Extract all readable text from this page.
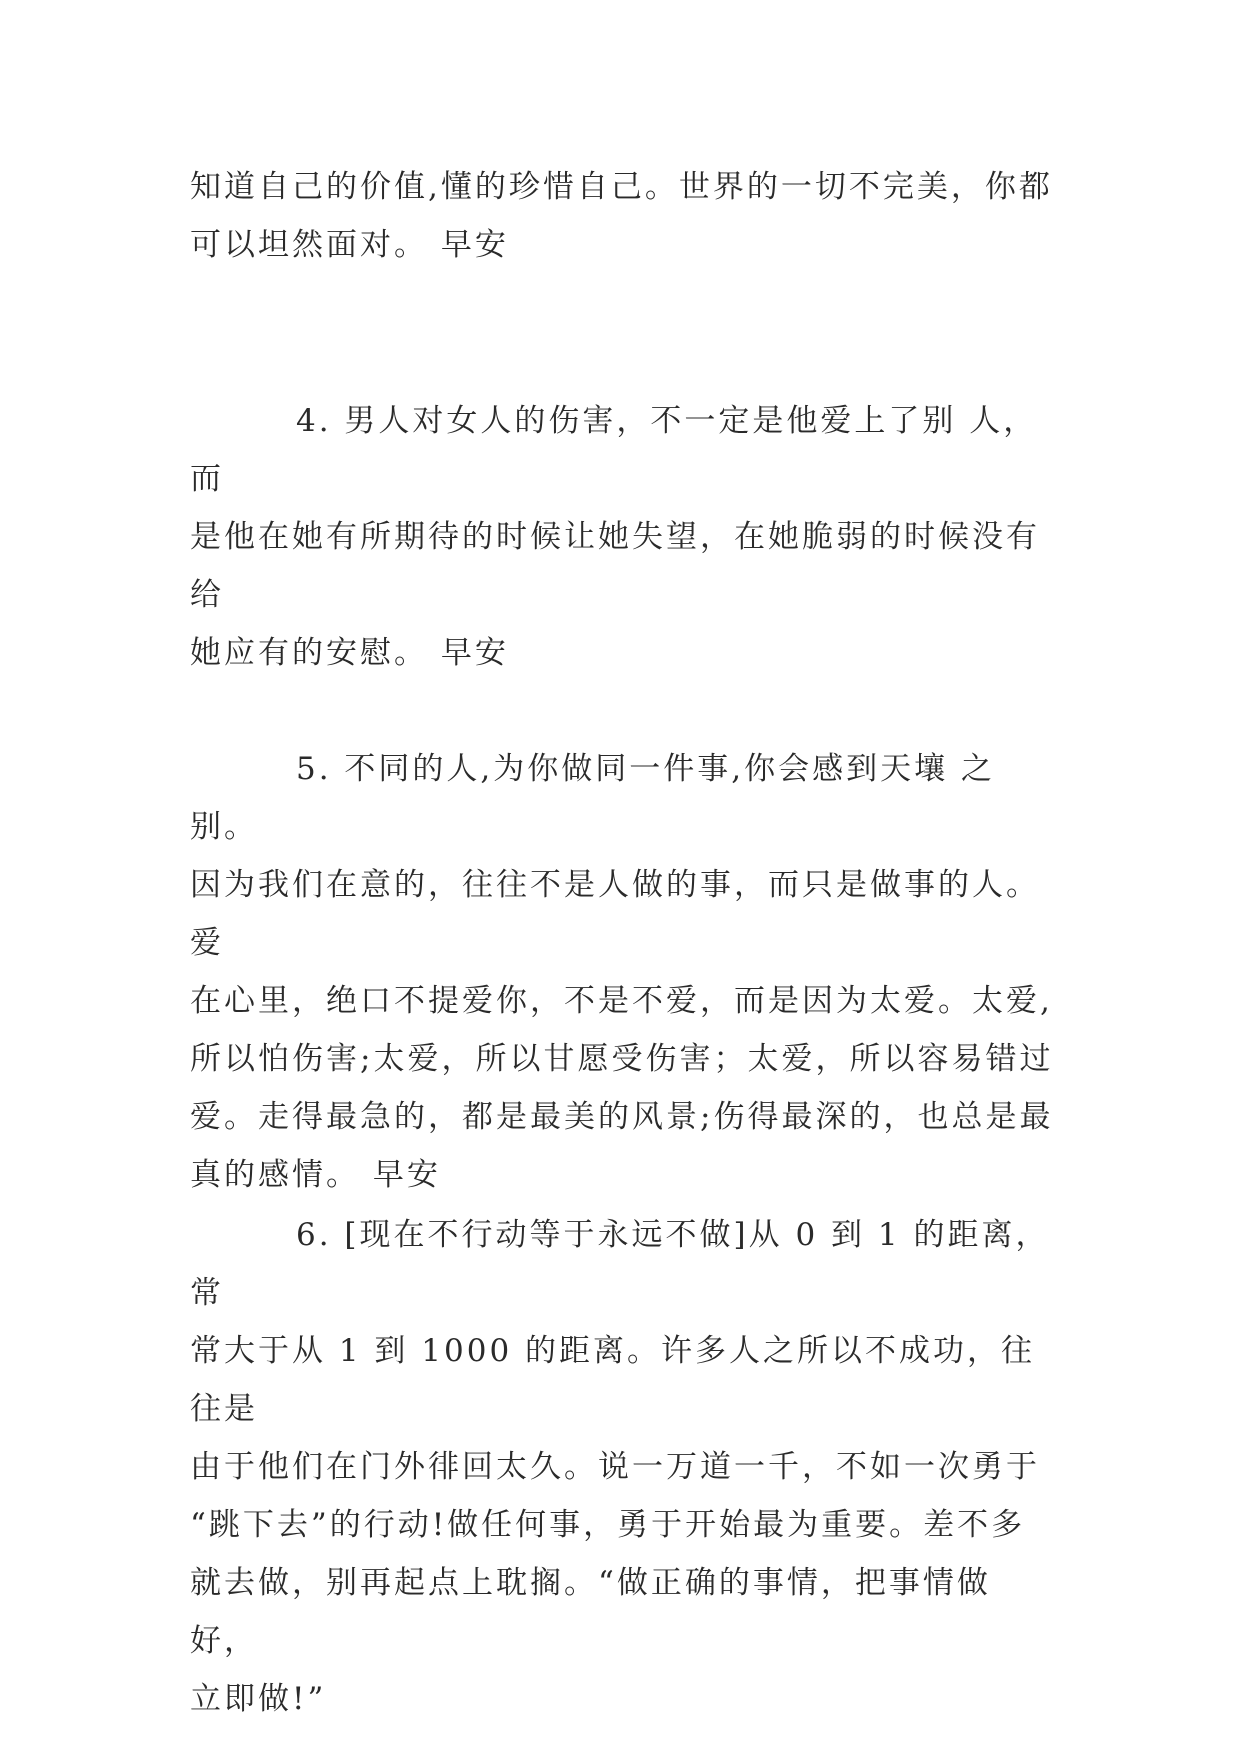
知道自己的价值,懂的珍惜自己。世界的一切不完美，你都
可以坦然面对。 早安

4. 男人对女人的伤害，不一定是他爱上了别 人，而
是他在她有所期待的时候让她失望，在她脆弱的时候没有给
她应有的安慰。 早安

5. 不同的人,为你做同一件事,你会感到天壤 之别。
因为我们在意的，往往不是人做的事，而只是做事的人。爱
在心里，绝口不提爱你，不是不爱，而是因为太爱。太爱,
所以怕伤害;太爱，所以甘愿受伤害；太爱，所以容易错过
爱。走得最急的，都是最美的风景;伤得最深的，也总是最
真的感情。 早安

6. [现在不行动等于永远不做]从 0 到 1 的距离，常
常大于从 1 到 1000 的距离。许多人之所以不成功，往往是
由于他们在门外徘回太久。说一万道一千，不如一次勇于
“跳下去”的行动!做任何事，勇于开始最为重要。差不多
就去做，别再起点上耽搁。“做正确的事情，把事情做好，
立即做!”
